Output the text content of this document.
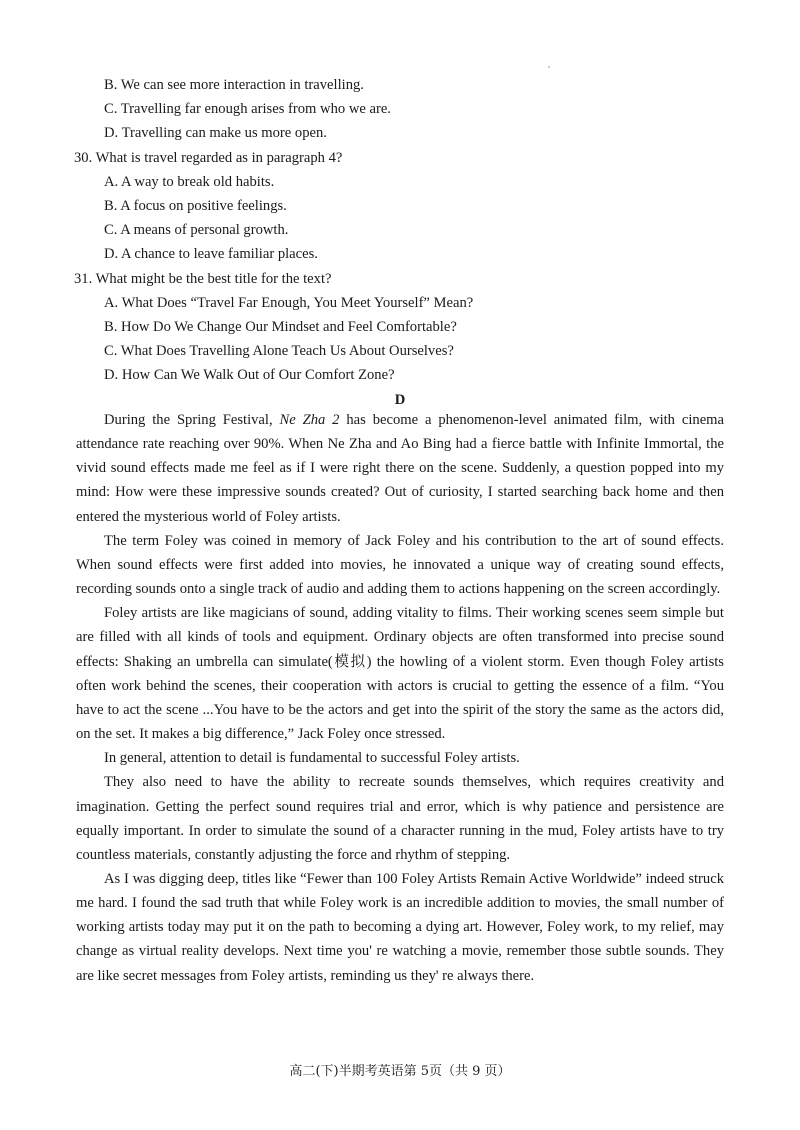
B. We can see more interaction in travelling.
C. Travelling far enough arises from who we are.
D. Travelling can make us more open.
30. What is travel regarded as in paragraph 4?
A. A way to break old habits.
B. A focus on positive feelings.
C. A means of personal growth.
D. A chance to leave familiar places.
31. What might be the best title for the text?
A. What Does “Travel Far Enough, You Meet Yourself” Mean?
B. How Do We Change Our Mindset and Feel Comfortable?
C. What Does Travelling Alone Teach Us About Ourselves?
D. How Can We Walk Out of Our Comfort Zone?
D

During the Spring Festival, Ne Zha 2 has become a phenomenon-level animated film, with cinema attendance rate reaching over 90%. When Ne Zha and Ao Bing had a fierce battle with Infinite Immortal, the vivid sound effects made me feel as if I were right there on the scene. Suddenly, a question popped into my mind: How were these impressive sounds created? Out of curiosity, I started searching back home and then entered the mysterious world of Foley artists.

The term Foley was coined in memory of Jack Foley and his contribution to the art of sound effects. When sound effects were first added into movies, he innovated a unique way of creating sound effects, recording sounds onto a single track of audio and adding them to actions happening on the screen accordingly.

Foley artists are like magicians of sound, adding vitality to films. Their working scenes seem simple but are filled with all kinds of tools and equipment. Ordinary objects are often transformed into precise sound effects: Shaking an umbrella can simulate(模拟) the howling of a violent storm. Even though Foley artists often work behind the scenes, their cooperation with actors is crucial to getting the essence of a film. “You have to act the scene ...You have to be the actors and get into the spirit of the story the same as the actors did, on the set. It makes a big difference,” Jack Foley once stressed.

In general, attention to detail is fundamental to successful Foley artists.

They also need to have the ability to recreate sounds themselves, which requires creativity and imagination. Getting the perfect sound requires trial and error, which is why patience and persistence are equally important. In order to simulate the sound of a character running in the mud, Foley artists have to try countless materials, constantly adjusting the force and rhythm of stepping.

As I was digging deep, titles like “Fewer than 100 Foley Artists Remain Active Worldwide” indeed struck me hard. I found the sad truth that while Foley work is an incredible addition to movies, the small number of working artists today may put it on the path to becoming a dying art. However, Foley work, to my relief, may change as virtual reality develops. Next time you' re watching a movie, remember those subtle sounds. They are like secret messages from Foley artists, reminding us they' re always there.

高二(下)半期考英语第 5页（共 9 页）
